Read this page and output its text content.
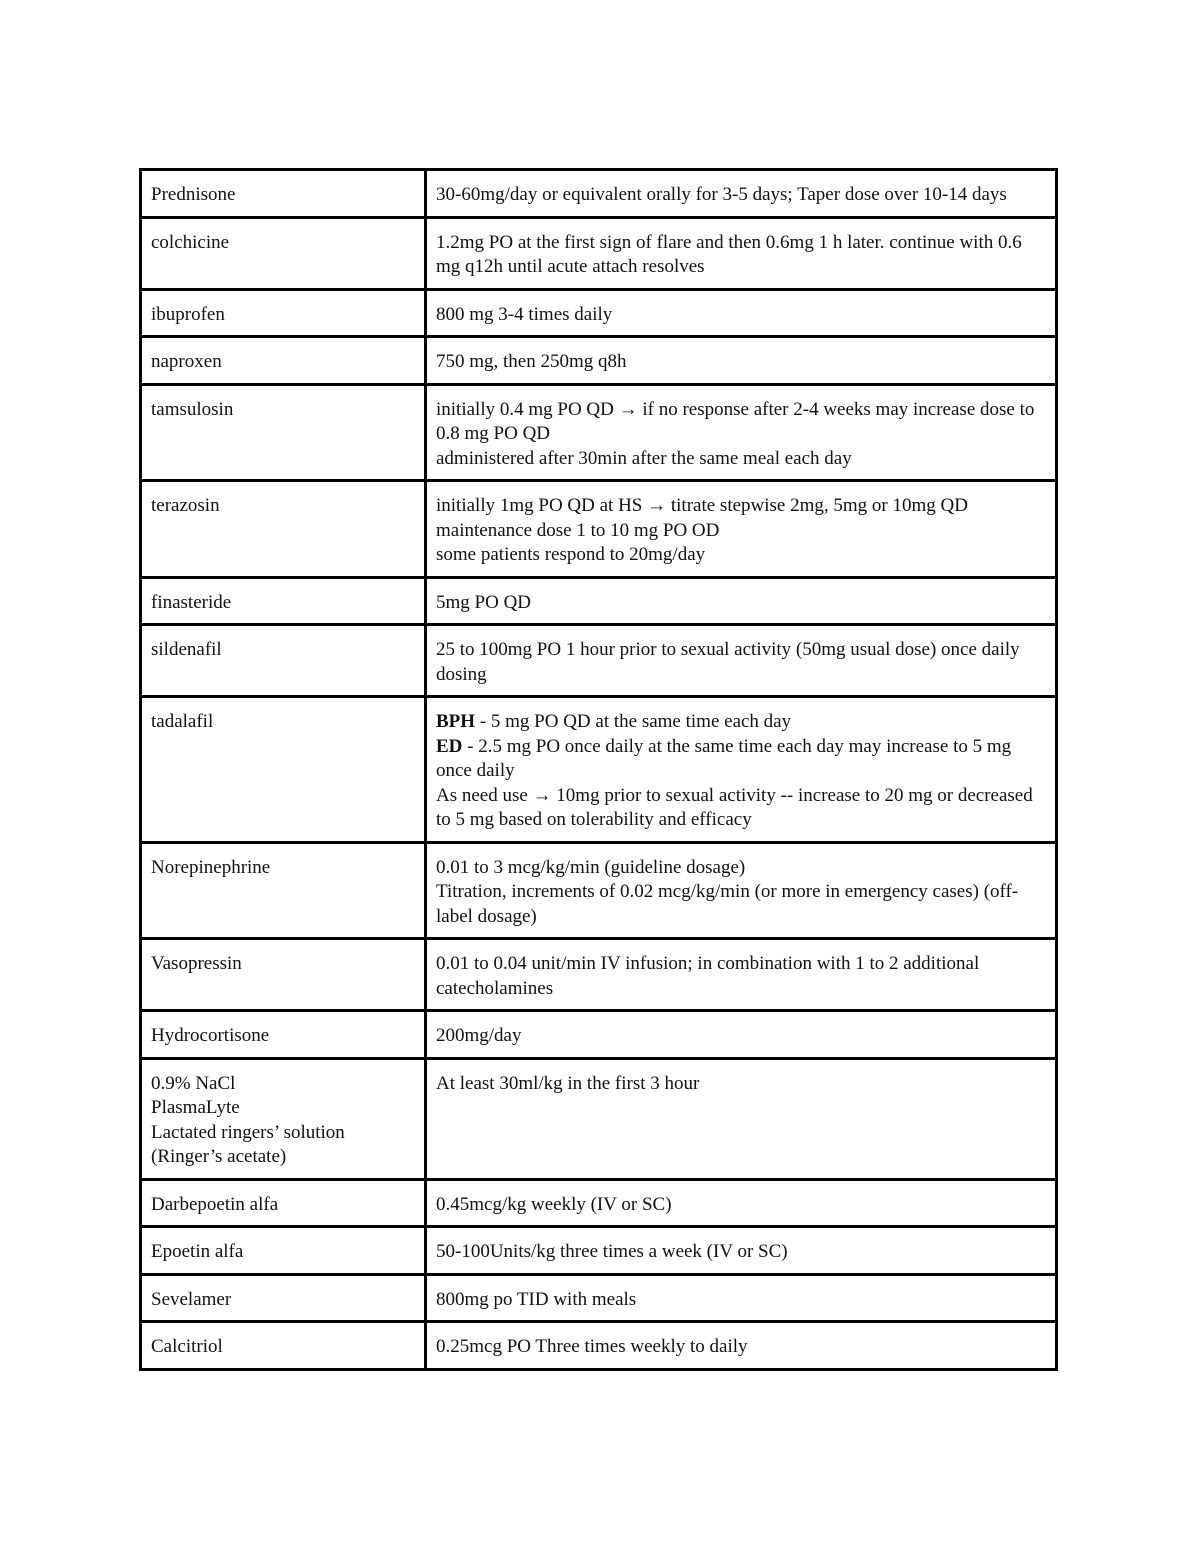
Prednisone	30-60mg/day or equivalent orally for 3-5 days; Taper dose over 10-14 days

colchicine	1.2mg PO at the first sign of flare and then 0.6mg 1 h later. continue with 0.6 mg q12h until acute attach resolves

ibuprofen	800 mg 3-4 times daily

naproxen	750 mg, then 250mg q8h

tamsulosin	initially 0.4 mg PO QD → if no response after 2-4 weeks may increase dose to 0.8 mg PO QD
administered after 30min after the same meal each day

terazosin	initially 1mg PO QD at HS → titrate stepwise 2mg, 5mg or 10mg QD
maintenance dose 1 to 10 mg PO OD
some patients respond to 20mg/day

finasteride	5mg PO QD

sildenafil	25 to 100mg PO 1 hour prior to sexual activity (50mg usual dose) once daily dosing

tadalafil	BPH - 5 mg PO QD at the same time each day
ED - 2.5 mg PO once daily at the same time each day may increase to 5 mg once daily
As need use → 10mg prior to sexual activity -- increase to 20 mg or decreased to 5 mg based on tolerability and efficacy

Norepinephrine	0.01 to 3 mcg/kg/min (guideline dosage)
Titration, increments of 0.02 mcg/kg/min (or more in emergency cases) (off-label dosage)

Vasopressin	0.01 to 0.04 unit/min IV infusion; in combination with 1 to 2 additional catecholamines

Hydrocortisone	200mg/day

0.9% NaCl
PlasmaLyte
Lactated ringers’ solution
(Ringer’s acetate)	At least 30ml/kg in the first 3 hour

Darbepoetin alfa	0.45mcg/kg weekly (IV or SC)

Epoetin alfa	50-100Units/kg three times a week (IV or SC)

Sevelamer	800mg po TID with meals

Calcitriol	0.25mcg PO Three times weekly to daily
